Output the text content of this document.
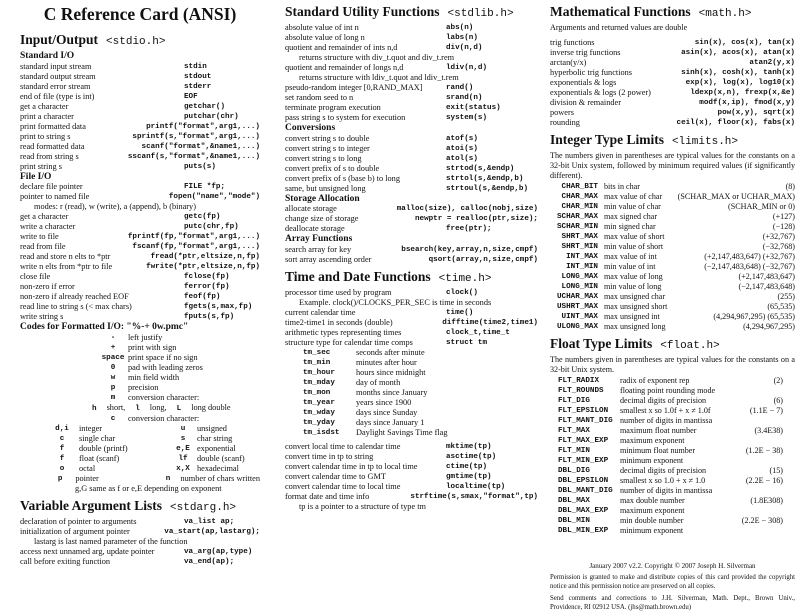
C Reference Card (ANSI)
Input/Output <stdio.h>
Standard I/O
standard input stream	stdin
standard output stream	stdout
standard error stream	stderr
end of file (type is int)	EOF
get a character	getchar()
print a character	putchar(chr)
print formatted data	printf("format",arg1,...)
print to string s	sprintf(s,"format",arg1,...)
read formatted data	scanf("format",&name1,...)
read from string s	sscanf(s,"format",&name1,...)
print string s	puts(s)
File I/O
declare file pointer	FILE *fp;
pointer to named file	fopen("name","mode")
modes: r (read), w (write), a (append), b (binary)
get a character	getc(fp)
write a character	putc(chr,fp)
write to file	fprintf(fp,"format",arg1,...)
read from file	fscanf(fp,"format",arg1,...)
read and store n elts to *ptr	fread(*ptr,eltsize,n,fp)
write n elts from *ptr to file	fwrite(*ptr,eltsize,n,fp)
close file	fclose(fp)
non-zero if error	ferror(fp)
non-zero if already reached EOF	feof(fp)
read line to string s (< max chars)	fgets(s,max,fp)
write string s	fputs(s,fp)
Codes for Formatted I/O: "%-+ 0w.pmc"
-	left justify
+	print with sign
space print space if no sign
0	pad with leading zeros
w	min field width
p	precision
m	conversion character:
h short, l long, L long double
c	conversion character:
d,i	integer	u	unsigned
c	single char	s	char string
f	double (printf)	e,E exponential
f	float (scanf)	lf	double (scanf)
o	octal	x,X hexadecimal
p	pointer	n	number of chars written
g,G same as f or e,E depending on exponent
Variable Argument Lists <stdarg.h>
declaration of pointer to arguments	va_list ap;
initialization of argument pointer	va_start(ap,lastarg);
lastarg is last named parameter of the function
access next unnamed arg, update pointer	va_arg(ap,type)
call before exiting function	va_end(ap);
Standard Utility Functions <stdlib.h>
absolute value of int n	abs(n)
absolute value of long n	labs(n)
quotient and remainder of ints n,d	div(n,d)
returns structure with div_t.quot and div_t.rem
quotient and remainder of longs n,d	ldiv(n,d)
returns structure with ldiv_t.quot and ldiv_t.rem
pseudo-random integer [0,RAND_MAX]	rand()
set random seed to n	srand(n)
terminate program execution	exit(status)
pass string s to system for execution	system(s)
Conversions
convert string s to double	atof(s)
convert string s to integer	atoi(s)
convert string s to long	atol(s)
convert prefix of s to double	strtod(s,&endp)
convert prefix of s (base b) to long	strtol(s,&endp,b)
same, but unsigned long	strtoul(s,&endp,b)
Storage Allocation
allocate storage	malloc(size), calloc(nobj,size)
change size of storage	newptr = realloc(ptr,size);
deallocate storage	free(ptr);
Array Functions
search array for key	bsearch(key,array,n,size,cmpf)
sort array ascending order	qsort(array,n,size,cmpf)
Time and Date Functions <time.h>
processor time used by program	clock()
Example. clock()/CLOCKS_PER_SEC is time in seconds
current calendar time	time()
time2-time1 in seconds (double)	difftime(time2,time1)
arithmetic types representing times	clock_t,time_t
structure type for calendar time comps	struct tm
tm_sec	seconds after minute
tm_min	minutes after hour
tm_hour	hours since midnight
tm_mday	day of month
tm_mon	months since January
tm_year	years since 1900
tm_wday	days since Sunday
tm_yday	days since January 1
tm_isdst	Daylight Savings Time flag
convert local time to calendar time	mktime(tp)
convert time in tp to string	asctime(tp)
convert calendar time in tp to local time	ctime(tp)
convert calendar time to GMT	gmtime(tp)
convert calendar time to local time	localtime(tp)
format date and time info	strftime(s,smax,"format",tp)
tp is a pointer to a structure of type tm
Mathematical Functions <math.h>
Arguments and returned values are double
trig functions	sin(x), cos(x), tan(x)
inverse trig functions	asin(x), acos(x), atan(x)
arctan(y/x)	atan2(y,x)
hyperbolic trig functions	sinh(x), cosh(x), tanh(x)
exponentials & logs	exp(x), log(x), log10(x)
exponentials & logs (2 power)	ldexp(x,n), frexp(x,&e)
division & remainder	modf(x,ip), fmod(x,y)
powers	pow(x,y), sqrt(x)
rounding	ceil(x), floor(x), fabs(x)
Integer Type Limits <limits.h>
The numbers given in parentheses are typical values for the constants on a 32-bit Unix system, followed by minimum required values (if significantly different).
CHAR_BIT bits in char	(8)
CHAR_MAX max value of char	(SCHAR_MAX or UCHAR_MAX)
CHAR_MIN min value of char	(SCHAR_MIN or 0)
SCHAR_MAX max signed char	(+127)
SCHAR_MIN min signed char	(−128)
SHRT_MAX max value of short	(+32,767)
SHRT_MIN min value of short	(−32,768)
INT_MAX max value of int	(+2,147,483,647) (+32,767)
INT_MIN min value of int	(−2,147,483,648) (−32,767)
LONG_MAX max value of long	(+2,147,483,647)
LONG_MIN min value of long	(−2,147,483,648)
UCHAR_MAX max unsigned char	(255)
USHRT_MAX max unsigned short	(65,535)
UINT_MAX max unsigned int	(4,294,967,295) (65,535)
ULONG_MAX max unsigned long	(4,294,967,295)
Float Type Limits <float.h>
The numbers given in parentheses are typical values for the constants on a 32-bit Unix system.
FLT_RADIX	radix of exponent rep	(2)
FLT_ROUNDS	floating point rounding mode
FLT_DIG	decimal digits of precision	(6)
FLT_EPSILON	smallest x so 1.0f + x ≠ 1.0f	(1.1E − 7)
FLT_MANT_DIG number of digits in mantissa
FLT_MAX	maximum float number	(3.4E38)
FLT_MAX_EXP	maximum exponent
FLT_MIN	minimum float number	(1.2E − 38)
FLT_MIN_EXP	minimum exponent
DBL_DIG	decimal digits of precision	(15)
DBL_EPSILON	smallest x so 1.0 + x ≠ 1.0	(2.2E − 16)
DBL_MANT_DIG number of digits in mantissa
DBL_MAX	max double number	(1.8E308)
DBL_MAX_EXP	maximum exponent
DBL_MIN	min double number	(2.2E − 308)
DBL_MIN_EXP	minimum exponent
January 2007 v2.2. Copyright © 2007 Joseph H. Silverman
Permission is granted to make and distribute copies of this card provided the copyright notice and this permission notice are preserved on all copies.
Send comments and corrections to J.H. Silverman, Math. Dept., Brown Univ., Providence, RI 02912 USA. (jhs@math.brown.edu)
